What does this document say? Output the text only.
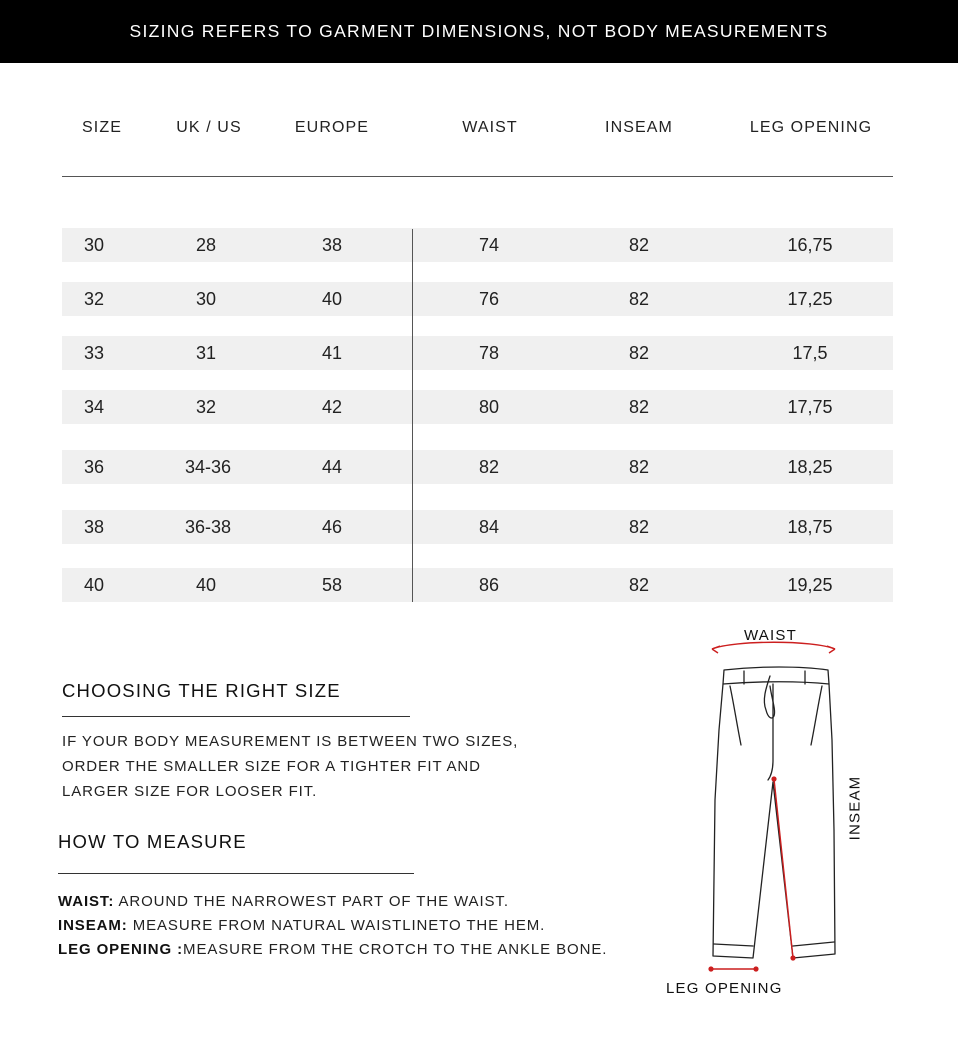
SIZING REFERS TO GARMENT DIMENSIONS, NOT BODY MEASUREMENTS
SIZE	UK / US	EUROPE	WAIST	INSEAM	LEG OPENING
30	28	38	74	82	16,75
32	30	40	76	82	17,25
33	31	41	78	82	17,5
34	32	42	80	82	17,75
36	34-36	44	82	82	18,25
38	36-38	46	84	82	18,75
40	40	58	86	82	19,25
CHOOSING THE RIGHT SIZE
IF YOUR BODY MEASUREMENT IS BETWEEN TWO SIZES,
ORDER THE SMALLER SIZE FOR A TIGHTER FIT AND
LARGER SIZE FOR LOOSER FIT.
HOW TO MEASURE
WAIST: AROUND THE NARROWEST PART OF THE WAIST.
INSEAM: MEASURE FROM NATURAL WAISTLINETO THE HEM.
LEG OPENING :MEASURE FROM THE CROTCH TO THE ANKLE BONE.
WAIST
INSEAM
LEG OPENING
